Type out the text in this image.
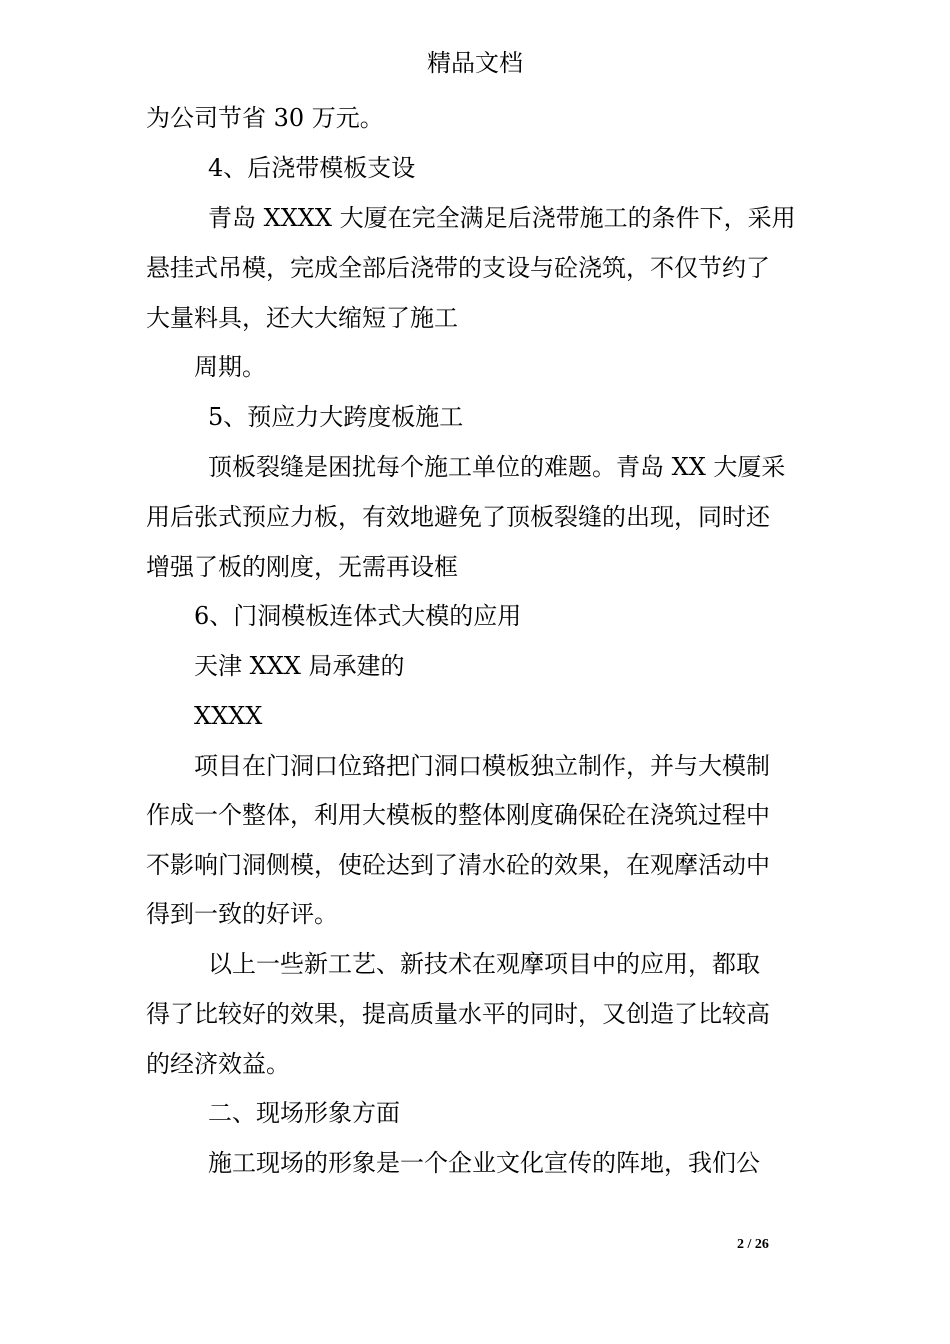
精品文档
为公司节省 30 万元。
4、后浇带模板支设
青岛 XXXX 大厦在完全满足后浇带施工的条件下，采用
悬挂式吊模，完成全部后浇带的支设与砼浇筑，不仅节约了
大量料具，还大大缩短了施工
周期。
5、预应力大跨度板施工
顶板裂缝是困扰每个施工单位的难题。青岛 XX 大厦采
用后张式预应力板，有效地避免了顶板裂缝的出现，同时还
增强了板的刚度，无需再设框
6、门洞模板连体式大模的应用
天津 XXX 局承建的
XXXX
项目在门洞口位臵把门洞口模板独立制作，并与大模制
作成一个整体，利用大模板的整体刚度确保砼在浇筑过程中
不影响门洞侧模，使砼达到了清水砼的效果，在观摩活动中
得到一致的好评。
以上一些新工艺、新技术在观摩项目中的应用，都取
得了比较好的效果，提高质量水平的同时，又创造了比较高
的经济效益。
二、现场形象方面
施工现场的形象是一个企业文化宣传的阵地，我们公
2 / 26
